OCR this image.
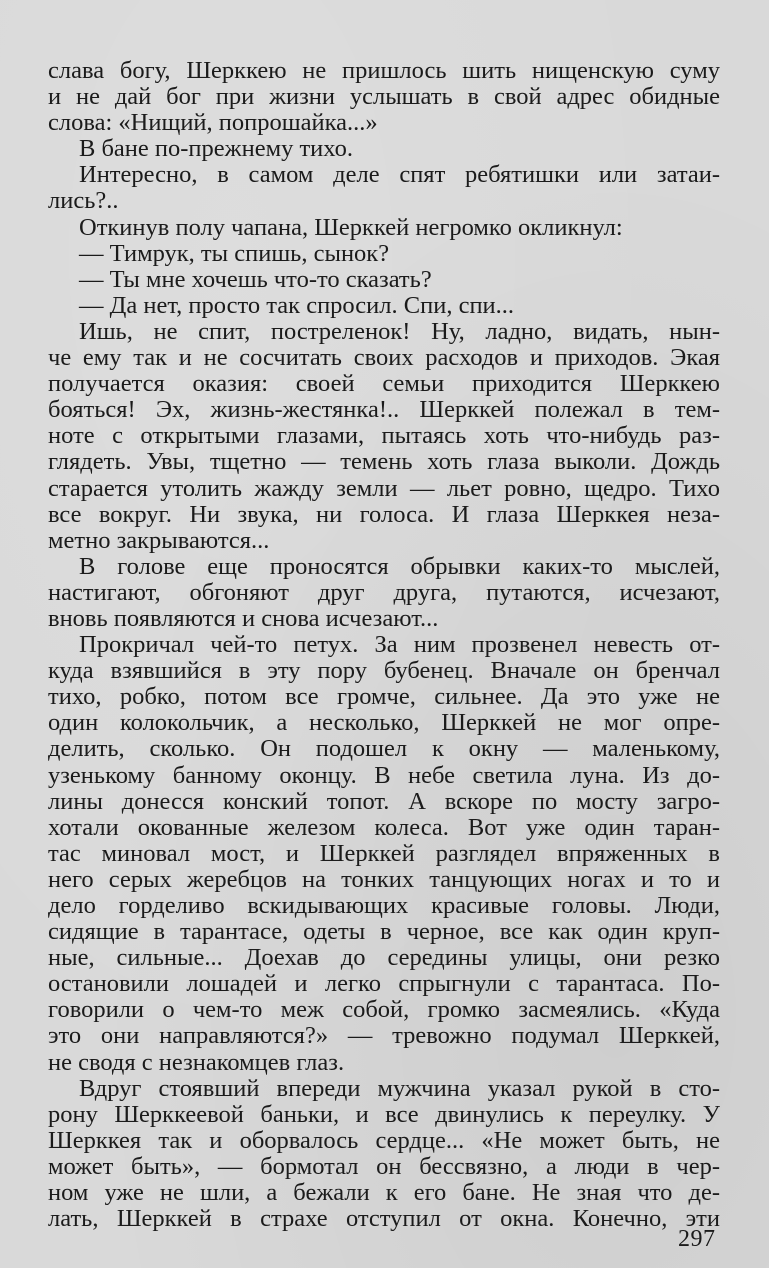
слава богу, Шерккею не пришлось шить нищенскую суму
и не дай бог при жизни услышать в свой адрес обидные
слова: «Нищий, попрошайка...»
В бане по-прежнему тихо.
Интересно, в самом деле спят ребятишки или затаи-
лись?..
Откинув полу чапана, Шерккей негромко окликнул:
— Тимрук, ты спишь, сынок?
— Ты мне хочешь что-то сказать?
— Да нет, просто так спросил. Спи, спи...
Ишь, не спит, постреленок! Ну, ладно, видать, нын-
че ему так и не сосчитать своих расходов и приходов. Экая
получается оказия: своей семьи приходится Шерккею
бояться! Эх, жизнь-жестянка!.. Шерккей полежал в тем-
ноте с открытыми глазами, пытаясь хоть что-нибудь раз-
глядеть. Увы, тщетно — темень хоть глаза выколи. Дождь
старается утолить жажду земли — льет ровно, щедро. Тихо
все вокруг. Ни звука, ни голоса. И глаза Шерккея неза-
метно закрываются...
В голове еще проносятся обрывки каких-то мыслей,
настигают, обгоняют друг друга, путаются, исчезают,
вновь появляются и снова исчезают...
Прокричал чей-то петух. За ним прозвенел невесть от-
куда взявшийся в эту пору бубенец. Вначале он бренчал
тихо, робко, потом все громче, сильнее. Да это уже не
один колокольчик, а несколько, Шерккей не мог опре-
делить, сколько. Он подошел к окну — маленькому,
узенькому банному оконцу. В небе светила луна. Из до-
лины донесся конский топот. А вскоре по мосту загро-
хотали окованные железом колеса. Вот уже один таран-
тас миновал мост, и Шерккей разглядел впряженных в
него серых жеребцов на тонких танцующих ногах и то и
дело горделиво вскидывающих красивые головы. Люди,
сидящие в тарантасе, одеты в черное, все как один круп-
ные, сильные... Доехав до середины улицы, они резко
остановили лошадей и легко спрыгнули с тарантаса. По-
говорили о чем-то меж собой, громко засмеялись. «Куда
это они направляются?» — тревожно подумал Шерккей,
не сводя с незнакомцев глаз.
Вдруг стоявший впереди мужчина указал рукой в сто-
рону Шерккеевой баньки, и все двинулись к переулку. У
Шерккея так и оборвалось сердце... «Не может быть, не
может быть», — бормотал он бессвязно, а люди в чер-
ном уже не шли, а бежали к его бане. Не зная что де-
лать, Шерккей в страхе отступил от окна. Конечно, эти
297
